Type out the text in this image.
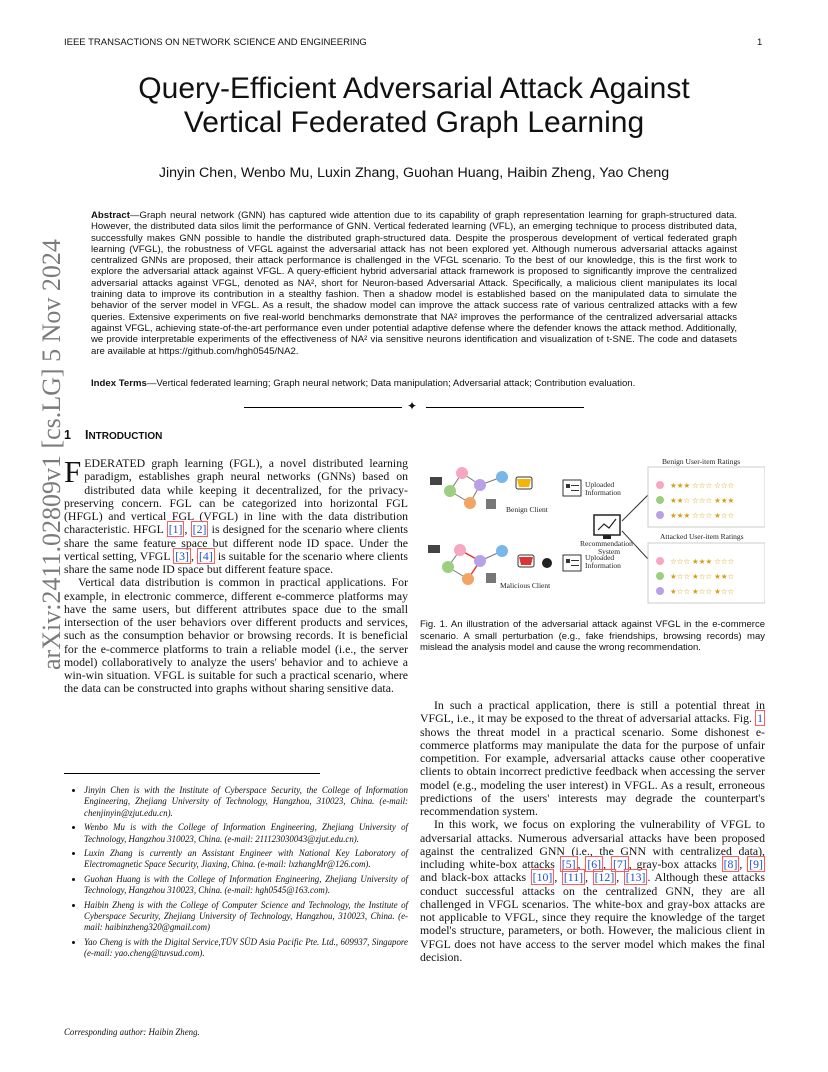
IEEE TRANSACTIONS ON NETWORK SCIENCE AND ENGINEERING	1
Query-Efficient Adversarial Attack Against
Vertical Federated Graph Learning
Jinyin Chen, Wenbo Mu, Luxin Zhang, Guohan Huang, Haibin Zheng, Yao Cheng
Abstract—Graph neural network (GNN) has captured wide attention due to its capability of graph representation learning for graph-structured data. However, the distributed data silos limit the performance of GNN. Vertical federated learning (VFL), an emerging technique to process distributed data, successfully makes GNN possible to handle the distributed graph-structured data. Despite the prosperous development of vertical federated graph learning (VFGL), the robustness of VFGL against the adversarial attack has not been explored yet. Although numerous adversarial attacks against centralized GNNs are proposed, their attack performance is challenged in the VFGL scenario. To the best of our knowledge, this is the first work to explore the adversarial attack against VFGL. A query-efficient hybrid adversarial attack framework is proposed to significantly improve the centralized adversarial attacks against VFGL, denoted as NA², short for Neuron-based Adversarial Attack. Specifically, a malicious client manipulates its local training data to improve its contribution in a stealthy fashion. Then a shadow model is established based on the manipulated data to simulate the behavior of the server model in VFGL. As a result, the shadow model can improve the attack success rate of various centralized attacks with a few queries. Extensive experiments on five real-world benchmarks demonstrate that NA² improves the performance of the centralized adversarial attacks against VFGL, achieving state-of-the-art performance even under potential adaptive defense where the defender knows the attack method. Additionally, we provide interpretable experiments of the effectiveness of NA² via sensitive neurons identification and visualization of t-SNE. The code and datasets are available at https://github.com/hgh0545/NA2.
Index Terms—Vertical federated learning; Graph neural network; Data manipulation; Adversarial attack; Contribution evaluation.
✦
arXiv:2411.02809v1 [cs.LG] 5 Nov 2024
1 INTRODUCTION

FEDERATED graph learning (FGL), a novel distributed learning paradigm, establishes graph neural networks (GNNs) based on distributed data while keeping it decentralized, for the privacy-preserving concern. FGL can be categorized into horizontal FGL (HFGL) and vertical FGL (VFGL) in line with the data distribution characteristic. HFGL [1] , [2] is designed for the scenario where clients share the same feature space but different node ID space. Under the vertical setting, VFGL [3] , [4] is suitable for the scenario where clients share the same node ID space but different feature space.

Vertical data distribution is common in practical applications. For example, in electronic commerce, different e-commerce platforms may have the same users, but different attributes space due to the small intersection of the user behaviors over different products and services, such as the consumption behavior or browsing records. It is beneficial for the e-commerce platforms to train a reliable model (i.e., the server model) collaboratively to analyze the users' behavior and to achieve a win-win situation. VFGL is suitable for such a practical scenario, where the data can be constructed into graphs without sharing sensitive data.

• Jinyin Chen is with the Institute of Cyberspace Security, the College of Information Engineering, Zhejiang University of Technology, Hangzhou, 310023, China. (e-mail: chenjinyin@zjut.edu.cn).
• Wenbo Mu is with the College of Information Engineering, Zhejiang University of Technology, Hangzhou 310023, China. (e-mail: 211123030043@zjut.edu.cn).
• Luxin Zhang is currently an Assistant Engineer with National Key Laboratory of Electromagnetic Space Security, Jiaxing, China. (e-mail: lxzhangMr@126.com).
• Guohan Huang is with the College of Information Engineering, Zhejiang University of Technology, Hangzhou 310023, China. (e-mail: hgh0545@163.com).
• Haibin Zheng is with the College of Computer Science and Technology, the Institute of Cyberspace Security, Zhejiang University of Technology, Hangzhou, 310023, China. (e-mail: haibinzheng320@gmail.com)
• Yao Cheng is with the Digital Service,TÜV SÜD Asia Pacific Pte. Ltd., 609937, Singapore (e-mail: yao.cheng@tuvsud.com).
Corresponding author: Haibin Zheng.
Benign Client
Uploaded
Information
Malicious Client
Uploaded
Information
Recommendation
System
Benign User-item Ratings
Attacked User-item Ratings
★★★ ☆☆☆ ☆☆☆
★★☆ ☆☆☆ ★★★
★★★ ☆☆☆ ★☆☆
☆☆☆ ★★★ ☆☆☆
★☆☆ ★☆☆ ★★☆
★☆☆ ★☆☆ ★☆☆
Fig. 1. An illustration of the adversarial attack against VFGL in the e-commerce scenario. A small perturbation (e.g., fake friendships, browsing records) may mislead the analysis model and cause the wrong recommendation.

In such a practical application, there is still a potential threat in VFGL, i.e., it may be exposed to the threat of adversarial attacks. Fig. 1 shows the threat model in a practical scenario. Some dishonest e-commerce platforms may manipulate the data for the purpose of unfair competition. For example, adversarial attacks cause other cooperative clients to obtain incorrect predictive feedback when accessing the server model (e.g., modeling the user interest) in VFGL. As a result, erroneous predictions of the users' interests may degrade the counterpart's recommendation system.

In this work, we focus on exploring the vulnerability of VFGL to adversarial attacks. Numerous adversarial attacks have been proposed against the centralized GNN (i.e., the GNN with centralized data), including white-box attacks [5] , [6] , [7] , gray-box attacks [8] , [9] and black-box attacks [10] , [11] , [12] , [13] . Although these attacks conduct successful attacks on the centralized GNN, they are all challenged in VFGL scenarios. The white-box and gray-box attacks are not applicable to VFGL, since they require the knowledge of the target model's structure, parameters, or both. However, the malicious client in VFGL does not have access to the server model which makes the final decision.
